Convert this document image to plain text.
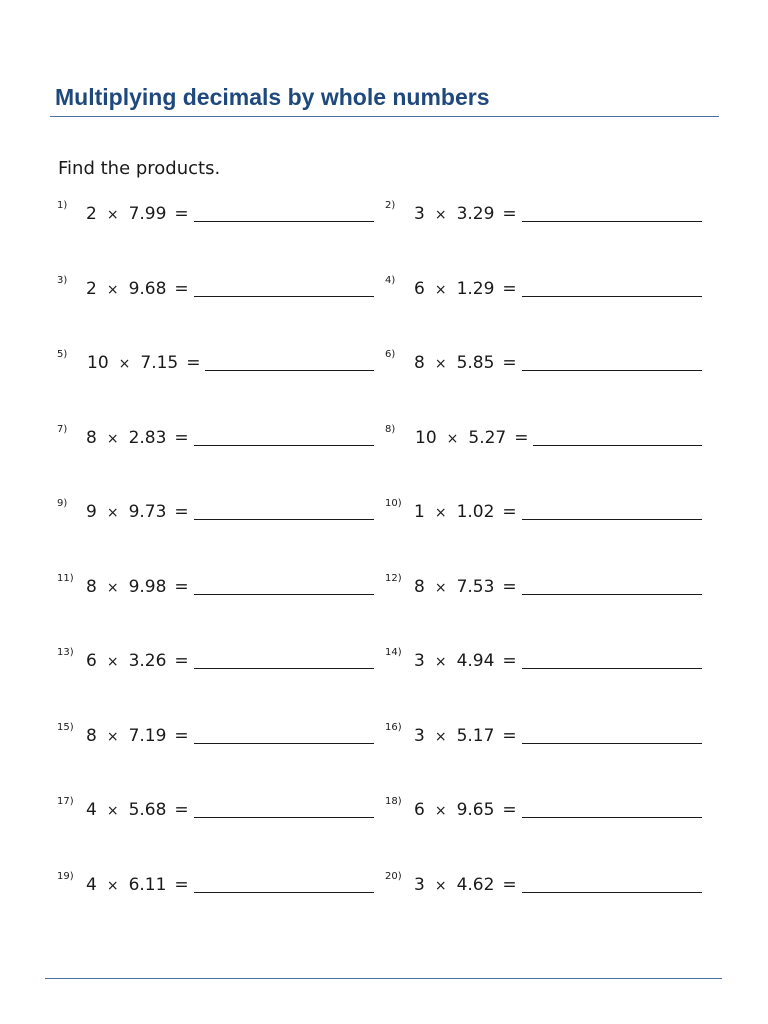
Multiplying decimals by whole numbers
Find the products.
1) 2 × 7.99 =	2) 3 × 3.29 =
3) 2 × 9.68 =	4) 6 × 1.29 =
5) 10 × 7.15 =	6) 8 × 5.85 =
7) 8 × 2.83 =	8) 10 × 5.27 =
9) 9 × 9.73 =	10) 1 × 1.02 =
11) 8 × 9.98 =	12) 8 × 7.53 =
13) 6 × 3.26 =	14) 3 × 4.94 =
15) 8 × 7.19 =	16) 3 × 5.17 =
17) 4 × 5.68 =	18) 6 × 9.65 =
19) 4 × 6.11 =	20) 3 × 4.62 =
